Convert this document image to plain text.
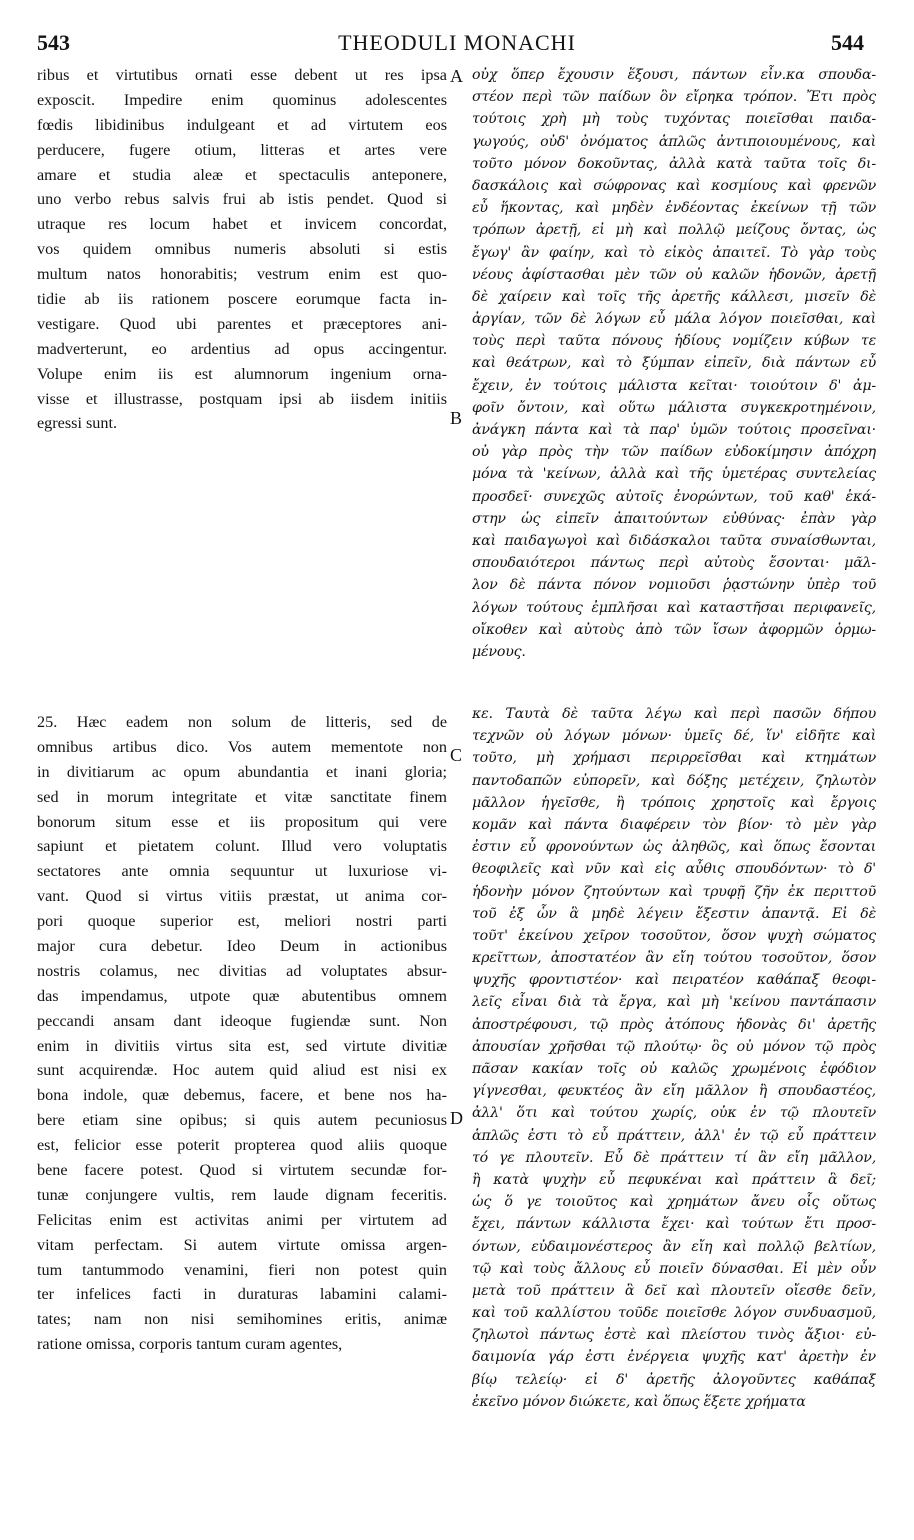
543	THEODULI MONACHI	544
A
B
C
D
ribus et virtutibus ornati esse debent ut res ipsa
exposcit. Impedire enim quominus adolescentes
fœdis libidinibus indulgeant et ad virtutem eos
perducere, fugere otium, litteras et artes vere
amare et studia aleæ et spectaculis anteponere,
uno verbo rebus salvis frui ab istis pendet. Quod si
utraque res locum habet et invicem concordat,
vos quidem omnibus numeris absoluti si estis
multum natos honorabitis; vestrum enim est quo-
tidie ab iis rationem poscere eorumque facta in-
vestigare. Quod ubi parentes et præceptores ani-
madverterunt, eo ardentius ad opus accingentur.
Volupe enim iis est alumnorum ingenium orna-
visse et illustrasse, postquam ipsi ab iisdem initiis
egressi sunt.
25. Hæc eadem non solum de litteris, sed de
omnibus artibus dico. Vos autem mementote non
in divitiarum ac opum abundantia et inani gloria;
sed in morum integritate et vitæ sanctitate finem
bonorum situm esse et iis propositum qui vere
sapiunt et pietatem colunt. Illud vero voluptatis
sectatores ante omnia sequuntur ut luxuriose vi-
vant. Quod si virtus vitiis præstat, ut anima cor-
pori quoque superior est, meliori nostri parti
major cura debetur. Ideo Deum in actionibus
nostris colamus, nec divitias ad voluptates absur-
das impendamus, utpote quæ abutentibus omnem
peccandi ansam dant ideoque fugiendæ sunt. Non
enim in divitiis virtus sita est, sed virtute divitiæ
sunt acquirendæ. Hoc autem quid aliud est nisi ex
bona indole, quæ debemus, facere, et bene nos ha-
bere etiam sine opibus; si quis autem pecuniosus
est, felicior esse poterit propterea quod aliis quoque
bene facere potest. Quod si virtutem secundæ for-
tunæ conjungere vultis, rem laude dignam feceritis.
Felicitas enim est activitas animi per virtutem ad
vitam perfectam. Si autem virtute omissa argen-
tum tantummodo venamini, fieri non potest quin
ter infelices facti in duraturas labamini calami-
tates; nam non nisi semihomines eritis, animæ
ratione omissa, corporis tantum curam agentes,
οὐχ ὅπερ ἔχουσιν ἕξουσι, πάντων εἶν.κα σπουδα-
στέον περὶ τῶν παίδων ὃν εἴρηκα τρόπον. Ἔτι πρὸς
τούτοις χρὴ μὴ τοὺς τυχόντας ποιεῖσθαι παιδα-
γωγούς, οὐδ' ὀνόματος ἁπλῶς ἀντιποιουμένους, καὶ
τοῦτο μόνον δοκοῦντας, ἀλλὰ κατὰ ταῦτα τοῖς δι-
δασκάλοις καὶ σώφρονας καὶ κοσμίους καὶ φρενῶν
εὖ ἥκοντας, καὶ μηδὲν ἐνδέοντας ἐκείνων τῇ τῶν
τρόπων ἀρετῇ, εἰ μὴ καὶ πολλῷ μείζους ὄντας, ὡς
ἔγωγ' ἂν φαίην, καὶ τὸ εἰκὸς ἀπαιτεῖ. Τὸ γὰρ τοὺς
νέους ἀφίστασθαι μὲν τῶν οὐ καλῶν ἡδονῶν, ἀρετῇ
δὲ χαίρειν καὶ τοῖς τῆς ἀρετῆς κάλλεσι, μισεῖν δὲ
ἀργίαν, τῶν δὲ λόγων εὖ μάλα λόγον ποιεῖσθαι, καὶ
τοὺς περὶ ταῦτα πόνους ἡδίους νομίζειν κύβων τε
καὶ θεάτρων, καὶ τὸ ξύμπαν εἰπεῖν, διὰ πάντων εὖ
ἔχειν, ἐν τούτοις μάλιστα κεῖται· τοιούτοιν δ' ἀμ-
φοῖν ὄντοιν, καὶ οὕτω μάλιστα συγκεκροτημένοιν,
ἀνάγκη πάντα καὶ τὰ παρ' ὑμῶν τούτοις προσεῖναι·
οὐ γὰρ πρὸς τὴν τῶν παίδων εὐδοκίμησιν ἀπόχρη
μόνα τὰ 'κείνων, ἀλλὰ καὶ τῆς ὑμετέρας συντελείας
προσδεῖ· συνεχῶς αὐτοῖς ἐνορώντων, τοῦ καθ' ἑκά-
στην ὡς εἰπεῖν ἀπαιτούντων εὐθύνας· ἐπὰν γὰρ
καὶ παιδαγωγοὶ καὶ διδάσκαλοι ταῦτα συναίσθωνται,
σπουδαιότεροι πάντως περὶ αὐτοὺς ἔσονται· μᾶλ-
λον δὲ πάντα πόνον νομιοῦσι ῥᾳστώνην ὑπὲρ τοῦ
λόγων τούτους ἐμπλῆσαι καὶ καταστῆσαι περιφανεῖς,
οἴκοθεν καὶ αὐτοὺς ἀπὸ τῶν ἴσων ἀφορμῶν ὁρμω-
μένους.
κε. Ταυτὰ δὲ ταῦτα λέγω καὶ περὶ πασῶν δήπου
τεχνῶν οὐ λόγων μόνων· ὑμεῖς δέ, ἵν' εἰδῆτε καὶ
τοῦτο, μὴ χρήμασι περιρρεῖσθαι καὶ κτημάτων
παντοδαπῶν εὐπορεῖν, καὶ δόξης μετέχειν, ζηλωτὸν
μᾶλλον ἡγεῖσθε, ἢ τρόποις χρηστοῖς καὶ ἔργοις
κομᾶν καὶ πάντα διαφέρειν τὸν βίον· τὸ μὲν γὰρ
ἐστιν εὖ φρονούντων ὡς ἀληθῶς, καὶ ὅπως ἔσονται
θεοφιλεῖς καὶ νῦν καὶ εἰς αὖθις σπουδόντων· τὸ δ'
ἡδονὴν μόνον ζητούντων καὶ τρυφῇ ζῆν ἐκ περιττοῦ
τοῦ ἐξ ὧν ἃ μηδὲ λέγειν ἔξεστιν ἀπαντᾷ. Εἰ δὲ
τοῦτ' ἐκείνου χεῖρον τοσοῦτον, ὅσον ψυχὴ σώματος
κρεῖττων, ἀποστατέον ἂν εἴη τούτου τοσοῦτον, ὅσον
ψυχῆς φροντιστέον· καὶ πειρατέον καθάπαξ θεοφι-
λεῖς εἶναι διὰ τὰ ἔργα, καὶ μὴ 'κείνου παντάπασιν
ἀποστρέφουσι, τῷ πρὸς ἀτόπους ἡδονὰς δι' ἀρετῆς
ἀπουσίαν χρῆσθαι τῷ πλούτῳ· ὃς οὐ μόνον τῷ πρὸς
πᾶσαν κακίαν τοῖς οὐ καλῶς χρωμένοις ἐφόδιον
γίγνεσθαι, φευκτέος ἂν εἴη μᾶλλον ἢ σπουδαστέος,
ἀλλ' ὅτι καὶ τούτου χωρίς, οὐκ ἐν τῷ πλουτεῖν
ἁπλῶς ἐστι τὸ εὖ πράττειν, ἀλλ' ἐν τῷ εὖ πράττειν
τό γε πλουτεῖν. Εὖ δὲ πράττειν τί ἂν εἴη μᾶλλον,
ἢ κατὰ ψυχὴν εὖ πεφυκέναι καὶ πράττειν ἃ δεῖ;
ὡς ὅ γε τοιοῦτος καὶ χρημάτων ἄνευ οἷς οὕτως
ἔχει, πάντων κάλλιστα ἔχει· καὶ τούτων ἔτι προσ-
όντων, εὐδαιμονέστερος ἂν εἴη καὶ πολλῷ βελτίων,
τῷ καὶ τοὺς ἄλλους εὖ ποιεῖν δύνασθαι. Εἰ μὲν οὖν
μετὰ τοῦ πράττειν ἃ δεῖ καὶ πλουτεῖν οἴεσθε δεῖν,
καὶ τοῦ καλλίστου τοῦδε ποιεῖσθε λόγον συνδυασμοῦ,
ζηλωτοὶ πάντως ἐστὲ καὶ πλείστου τινὸς ἄξιοι· εὐ-
δαιμονία γάρ ἐστι ἐνέργεια ψυχῆς κατ' ἀρετὴν ἐν
βίῳ τελείῳ· εἰ δ' ἀρετῆς ἀλογοῦντες καθάπαξ
ἐκεῖνο μόνον διώκετε, καὶ ὅπως ἕξετε χρήματα
